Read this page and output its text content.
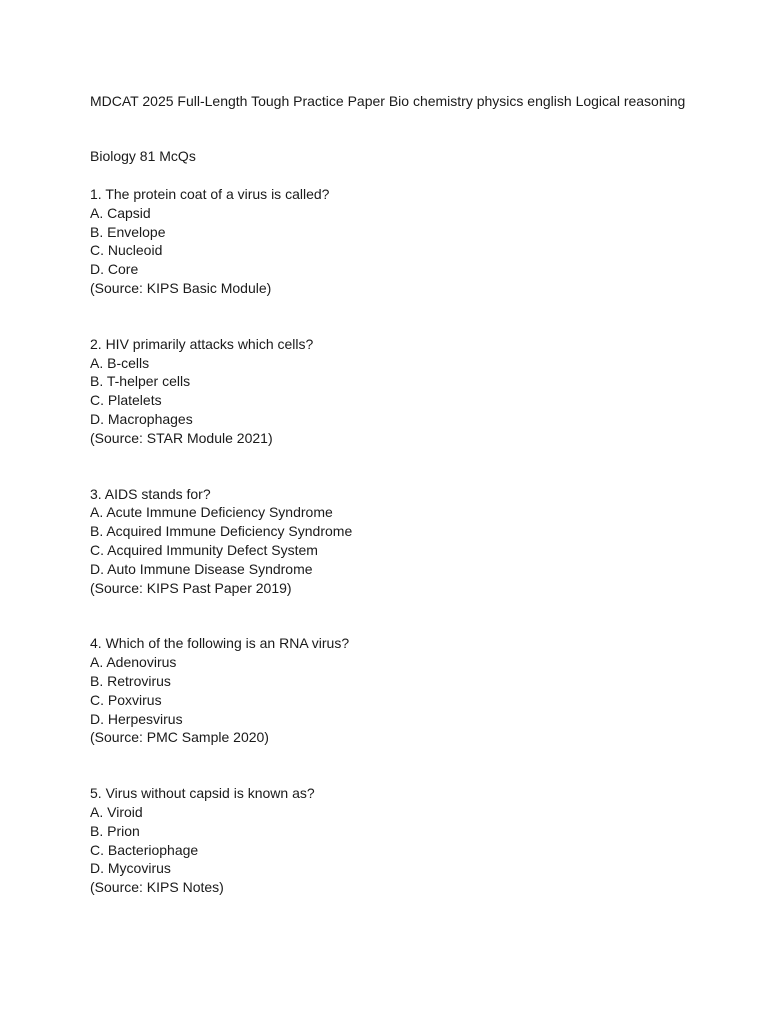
MDCAT 2025 Full-Length Tough Practice Paper Bio chemistry physics english Logical reasoning
Biology 81 McQs
1. The protein coat of a virus is called?
A. Capsid
B. Envelope
C. Nucleoid
D. Core
(Source: KIPS Basic Module)
2. HIV primarily attacks which cells?
A. B-cells
B. T-helper cells
C. Platelets
D. Macrophages
(Source: STAR Module 2021)
3. AIDS stands for?
A. Acute Immune Deficiency Syndrome
B. Acquired Immune Deficiency Syndrome
C. Acquired Immunity Defect System
D. Auto Immune Disease Syndrome
(Source: KIPS Past Paper 2019)
4. Which of the following is an RNA virus?
A. Adenovirus
B. Retrovirus
C. Poxvirus
D. Herpesvirus
(Source: PMC Sample 2020)
5. Virus without capsid is known as?
A. Viroid
B. Prion
C. Bacteriophage
D. Mycovirus
(Source: KIPS Notes)
